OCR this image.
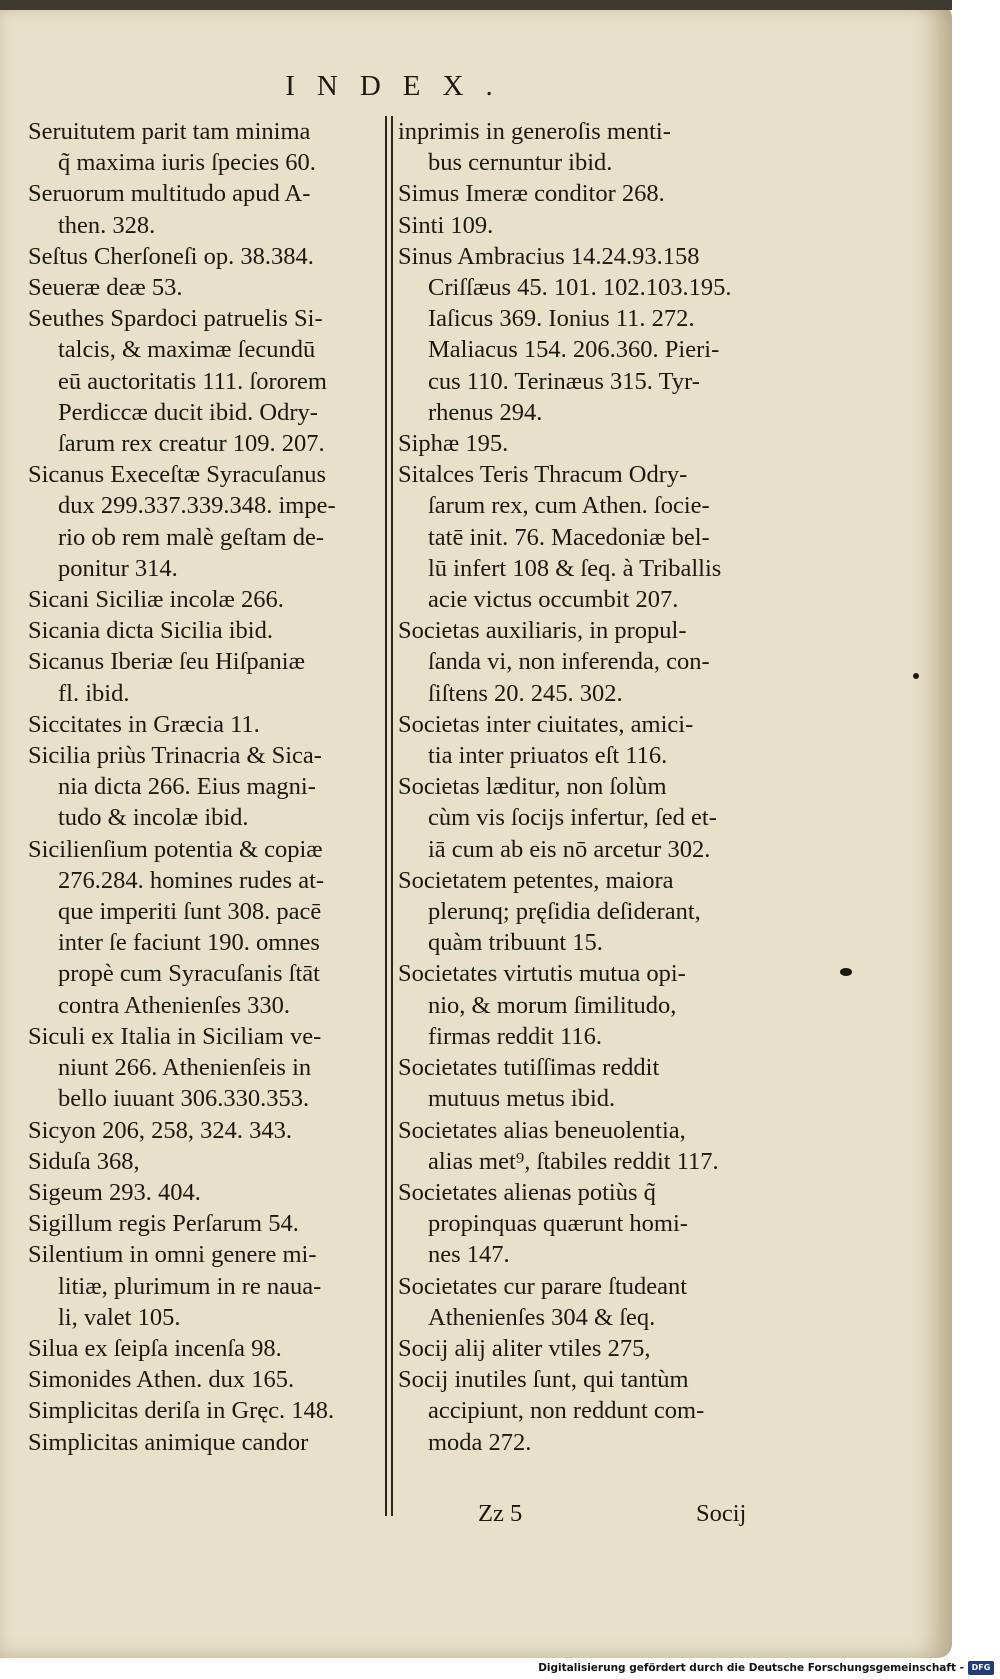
INDEX.
Seruitutem parit tam minima
q̃ maxima iuris ſpecies 60.
Seruorum multitudo apud A-
then. 328.
Seſtus Cherſoneſi op. 38.384.
Seueræ deæ 53.
Seuthes Spardoci patruelis Si-
talcis, & maximæ ſecundū
eū auctoritatis 111. ſororem
Perdiccæ ducit ibid. Odry-
ſarum rex creatur 109. 207.
Sicanus Execeſtæ Syracuſanus
dux 299.337.339.348. impe-
rio ob rem malè geſtam de-
ponitur 314.
Sicani Siciliæ incolæ 266.
Sicania dicta Sicilia ibid.
Sicanus Iberiæ ſeu Hiſpaniæ
fl. ibid.
Siccitates in Græcia 11.
Sicilia priùs Trinacria & Sica-
nia dicta 266. Eius magni-
tudo & incolæ ibid.
Sicilienſium potentia & copiæ
276.284. homines rudes at-
que imperiti ſunt 308. pacē
inter ſe faciunt 190. omnes
propè cum Syracuſanis ſtāt
contra Athenienſes 330.
Siculi ex Italia in Siciliam ve-
niunt 266. Athenienſeis in
bello iuuant 306.330.353.
Sicyon 206, 258, 324. 343.
Siduſa 368,
Sigeum 293. 404.
Sigillum regis Perſarum 54.
Silentium in omni genere mi-
litiæ, plurimum in re naua-
li, valet 105.
Silua ex ſeipſa incenſa 98.
Simonides Athen. dux 165.
Simplicitas deriſa in Gręc. 148.
Simplicitas animique candor
inprimis in generoſis menti-
bus cernuntur ibid.
Simus Imeræ conditor 268.
Sinti 109.
Sinus Ambracius 14.24.93.158
Criſſæus 45. 101. 102.103.195.
Iaſicus 369. Ionius 11. 272.
Maliacus 154. 206.360. Pieri-
cus 110. Terinæus 315. Tyr-
rhenus 294.
Siphæ 195.
Sitalces Teris Thracum Odry-
ſarum rex, cum Athen. ſocie-
tatē init. 76. Macedoniæ bel-
lū infert 108 & ſeq. à Triballis
acie victus occumbit 207.
Societas auxiliaris, in propul-
ſanda vi, non inferenda, con-
ſiſtens 20. 245. 302.
Societas inter ciuitates, amici-
tia inter priuatos eſt 116.
Societas læditur, non ſolùm
cùm vis ſocijs infertur, ſed et-
iā cum ab eis nō arcetur 302.
Societatem petentes, maiora
plerunq; pręſidia deſiderant,
quàm tribuunt 15.
Societates virtutis mutua opi-
nio, & morum ſimilitudo,
firmas reddit 116.
Societates tutiſſimas reddit
mutuus metus ibid.
Societates alias beneuolentia,
alias met⁹, ſtabiles reddit 117.
Societates alienas potiùs q̃
propinquas quærunt homi-
nes 147.
Societates cur parare ſtudeant
Athenienſes 304 & ſeq.
Socij alij aliter vtiles 275,
Socij inutiles ſunt, qui tantùm
accipiunt, non reddunt com-
moda 272.
Zz 5	Socij
Digitalisierung gefördert durch die Deutsche Forschungsgemeinschaft - DFG
